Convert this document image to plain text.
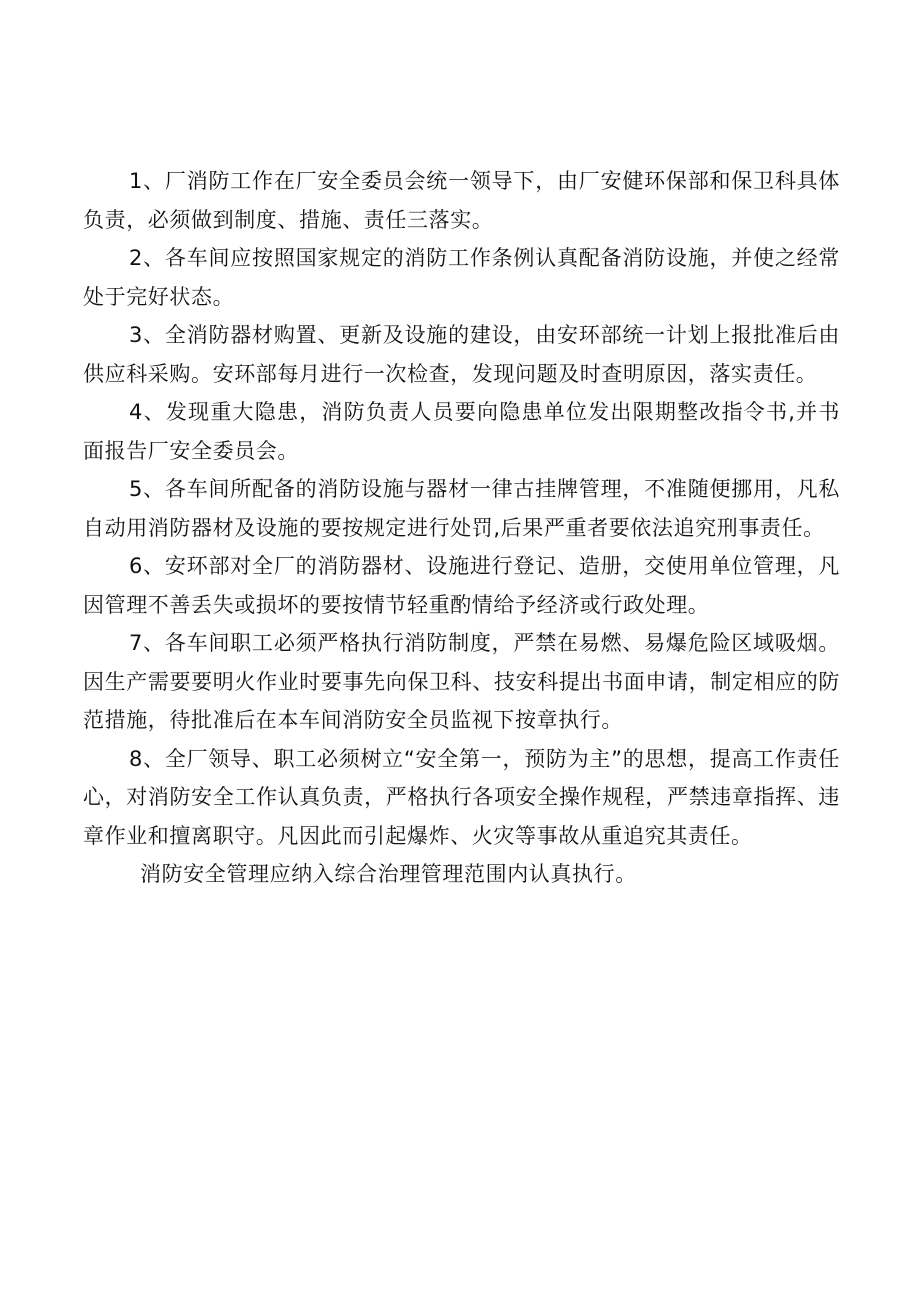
1、厂消防工作在厂安全委员会统一领导下，由厂安健环保部和保卫科具体负责，必须做到制度、措施、责任三落实。

2、各车间应按照国家规定的消防工作条例认真配备消防设施，并使之经常处于完好状态。

3、全消防器材购置、更新及设施的建设，由安环部统一计划上报批准后由供应科采购。安环部每月进行一次检查，发现问题及时查明原因，落实责任。

4、发现重大隐患，消防负责人员要向隐患单位发出限期整改指令书,并书面报告厂安全委员会。

5、各车间所配备的消防设施与器材一律古挂牌管理，不准随便挪用，凡私自动用消防器材及设施的要按规定进行处罚,后果严重者要依法追究刑事责任。

6、安环部对全厂的消防器材、设施进行登记、造册，交使用单位管理，凡因管理不善丢失或损坏的要按情节轻重酌情给予经济或行政处理。

7、各车间职工必须严格执行消防制度，严禁在易燃、易爆危险区域吸烟。因生产需要要明火作业时要事先向保卫科、技安科提出书面申请，制定相应的防范措施，待批准后在本车间消防安全员监视下按章执行。

8、全厂领导、职工必须树立“安全第一，预防为主”的思想，提高工作责任心，对消防安全工作认真负责，严格执行各项安全操作规程，严禁违章指挥、违章作业和擅离职守。凡因此而引起爆炸、火灾等事故从重追究其责任。

消防安全管理应纳入综合治理管理范围内认真执行。
